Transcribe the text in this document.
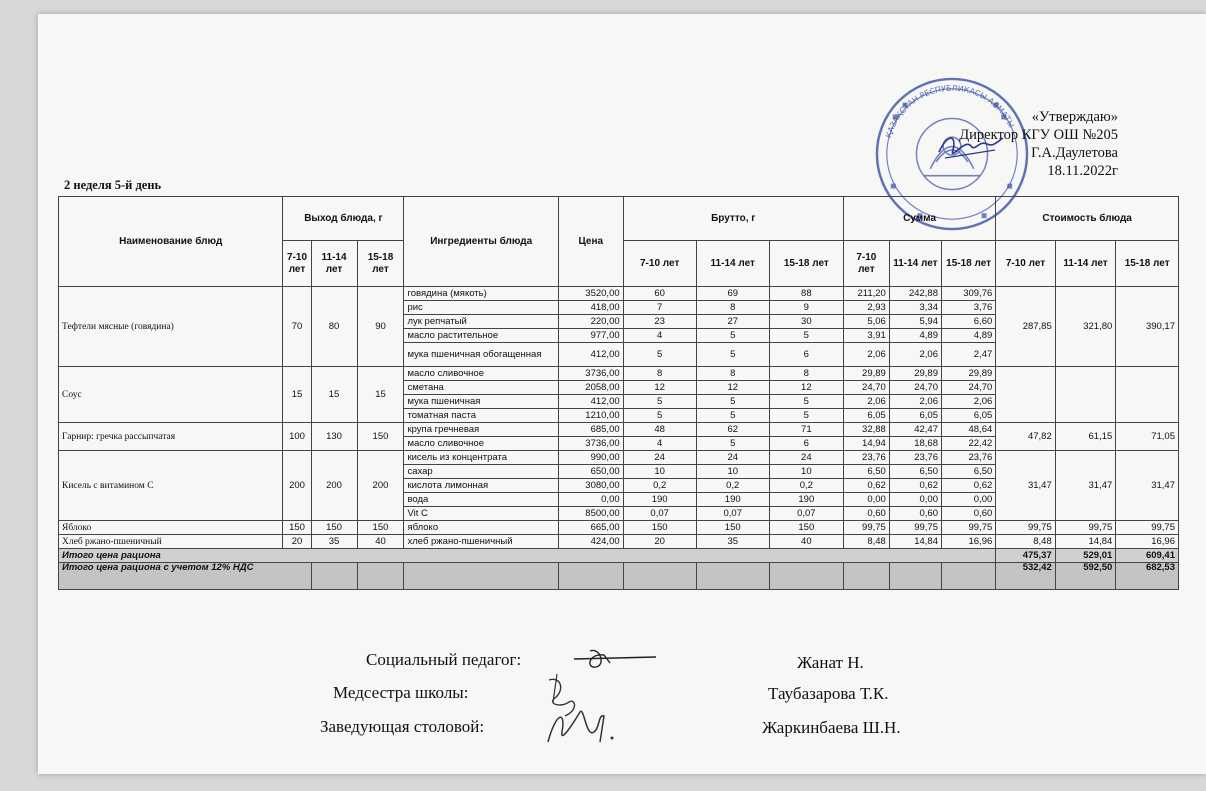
ҚАЗАҚСТАН РЕСПУБЛИКАСЫ АЛМАТЫ	«Утверждаю»
Директор КГУ ОШ №205
Г.А.Даулетова
18.11.2022г
2 неделя 5-й день
Наименование блюд	Выход блюда, г			Ингредиенты блюда	Цена	Брутто, г			Сумма			Стоимость блюда		
	7-10 лет	11-14 лет	15-18 лет			7-10 лет	11-14 лет	15-18 лет	7-10 лет	11-14 лет	15-18 лет	7-10 лет	11-14 лет	15-18 лет
Тефтели мясные (говядина)	70	80	90	говядина (мякоть)	3520,00	60	69	88	211,20	242,88	309,76	287,85	321,80	390,17
				рис	418,00	7	8	9	2,93	3,34	3,76			
				лук репчатый	220,00	23	27	30	5,06	5,94	6,60			
				масло растительное	977,00	4	5	5	3,91	4,89	4,89			
				мука пшеничная обогащенная	412,00	5	5	6	2,06	2,06	2,47			
Соус	15	15	15	масло сливочное	3736,00	8	8	8	29,89	29,89	29,89			
				сметана	2058,00	12	12	12	24,70	24,70	24,70			
				мука пшеничная	412,00	5	5	5	2,06	2,06	2,06			
				томатная паста	1210,00	5	5	5	6,05	6,05	6,05			
Гарнир: гречка рассыпчатая	100	130	150	крупа гречневая	685,00	48	62	71	32,88	42,47	48,64	47,82	61,15	71,05
				масло сливочное	3736,00	4	5	6	14,94	18,68	22,42			
Кисель с витамином С	200	200	200	кисель из концентрата	990,00	24	24	24	23,76	23,76	23,76	31,47	31,47	31,47
				сахар	650,00	10	10	10	6,50	6,50	6,50			
				кислота лимонная	3080,00	0,2	0,2	0,2	0,62	0,62	0,62			
				вода	0,00	190	190	190	0,00	0,00	0,00			
				Vit C	8500,00	0,07	0,07	0,07	0,60	0,60	0,60			
Яблоко	150	150	150	яблоко	665,00	150	150	150	99,75	99,75	99,75	99,75	99,75	99,75
Хлеб ржано-пшеничный	20	35	40	хлеб ржано-пшеничный	424,00	20	35	40	8,48	14,84	16,96	8,48	14,84	16,96
Итого цена рациона												475,37	529,01	609,41
Итого цена рациона с учетом 12% НДС												532,42	592,50	682,53
Социальный педагог:	Жанат Н.
Медсестра школы:	Таубазарова Т.К.
Заведующая столовой:	Жаркинбаева Ш.Н.
